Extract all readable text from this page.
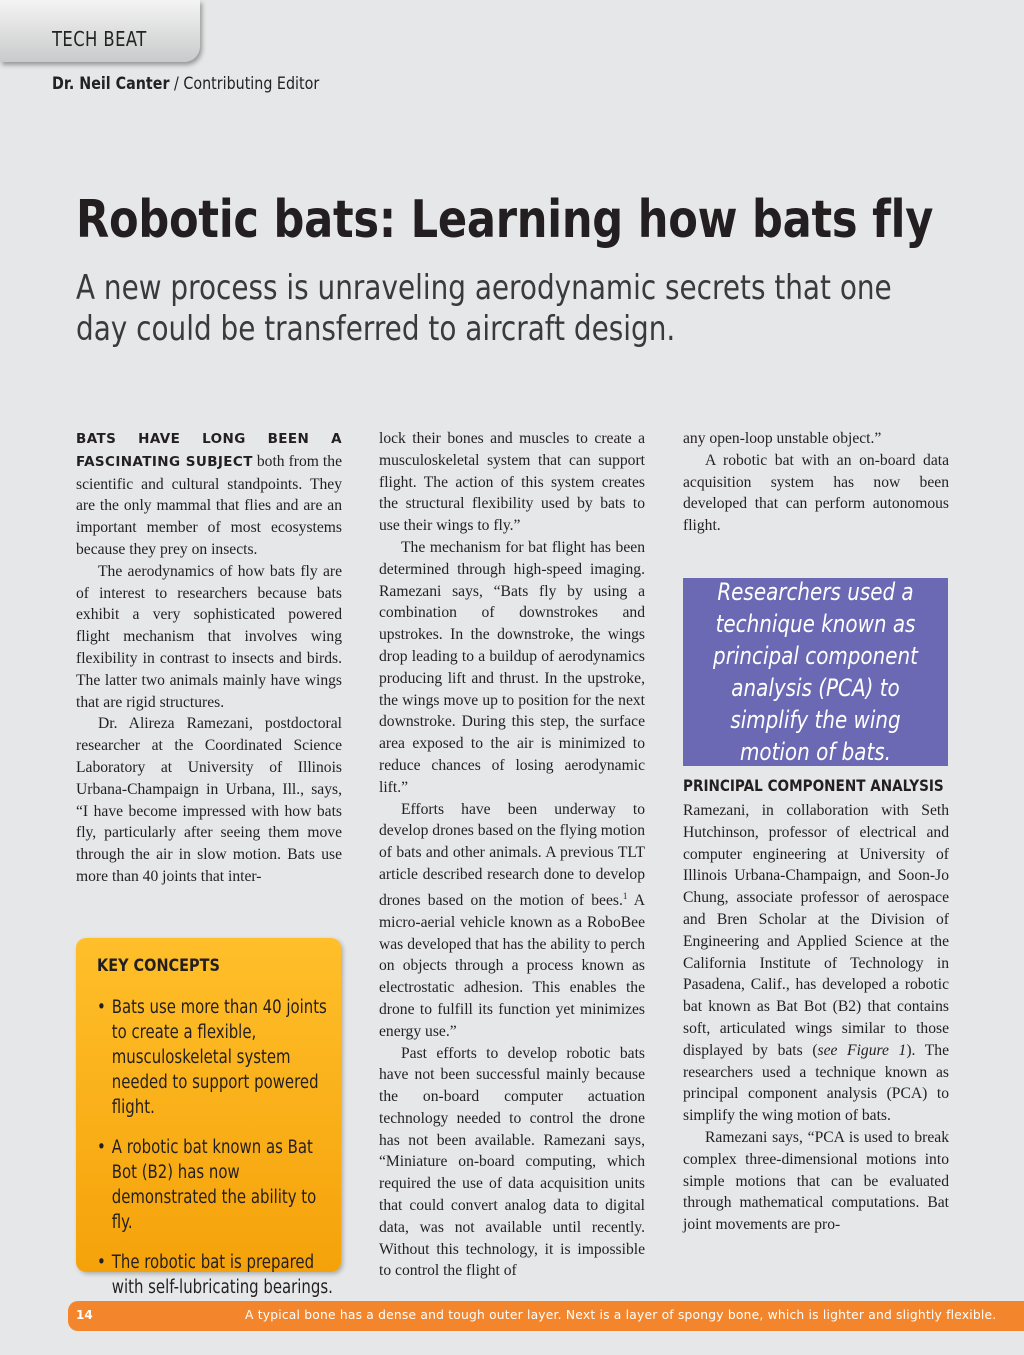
TECH BEAT
Dr. Neil Canter / Contributing Editor
Robotic bats: Learning how bats fly
A new process is unraveling aerodynamic secrets that one day could be transferred to aircraft design.

BATS HAVE LONG BEEN A FASCINATING SUBJECT both from the scientific and cultural standpoints. They are the only mammal that flies and are an important member of most ecosystems because they prey on insects.

The aerodynamics of how bats fly are of interest to researchers because bats exhibit a very sophisticated powered flight mechanism that involves wing flexibility in contrast to insects and birds. The latter two animals mainly have wings that are rigid structures.

Dr. Alireza Ramezani, postdoctoral researcher at the Coordinated Science Laboratory at University of Illinois Urbana-Champaign in Urbana, Ill., says, “I have become impressed with how bats fly, particularly after seeing them move through the air in slow motion. Bats use more than 40 joints that inter-

KEY CONCEPTS
• Bats use more than 40 joints to create a flexible, musculoskeletal system needed to support powered flight.
• A robotic bat known as Bat Bot (B2) has now demonstrated the ability to fly.
• The robotic bat is prepared with self-lubricating bearings.

lock their bones and muscles to create a musculoskeletal system that can support flight. The action of this system creates the structural flexibility used by bats to use their wings to fly.”

The mechanism for bat flight has been determined through high-speed imaging. Ramezani says, “Bats fly by using a combination of downstrokes and upstrokes. In the downstroke, the wings drop leading to a buildup of aerodynamics producing lift and thrust. In the upstroke, the wings move up to position for the next downstroke. During this step, the surface area exposed to the air is minimized to reduce chances of losing aerodynamic lift.”

Efforts have been underway to develop drones based on the flying motion of bats and other animals. A previous TLT article described research done to develop drones based on the motion of bees.$^1$ A micro-aerial vehicle known as a RoboBee was developed that has the ability to perch on objects through a process known as electrostatic adhesion. This enables the drone to fulfill its function yet minimizes energy use.”

Past efforts to develop robotic bats have not been successful mainly because the on-board computer actuation technology needed to control the drone has not been available. Ramezani says, “Miniature on-board computing, which required the use of data acquisition units that could convert analog data to digital data, was not available until recently. Without this technology, it is impossible to control the flight of

any open-loop unstable object.”

A robotic bat with an on-board data acquisition system has now been developed that can perform autonomous flight.

PRINCIPAL COMPONENT ANALYSIS

Ramezani, in collaboration with Seth Hutchinson, professor of electrical and computer engineering at University of Illinois Urbana-Champaign, and Soon-Jo Chung, associate professor of aerospace and Bren Scholar at the Division of Engineering and Applied Science at the California Institute of Technology in Pasadena, Calif., has developed a robotic bat known as Bat Bot (B2) that contains soft, articulated wings similar to those displayed by bats (see Figure 1). The researchers used a technique known as principal component analysis (PCA) to simplify the wing motion of bats.

Ramezani says, “PCA is used to break complex three-dimensional motions into simple motions that can be evaluated through mathematical computations. Bat joint movements are pro-

Researchers used a technique known as principal component analysis (PCA) to simplify the wing motion of bats.
14	A typical bone has a dense and tough outer layer. Next is a layer of spongy bone, which is lighter and slightly flexible.
